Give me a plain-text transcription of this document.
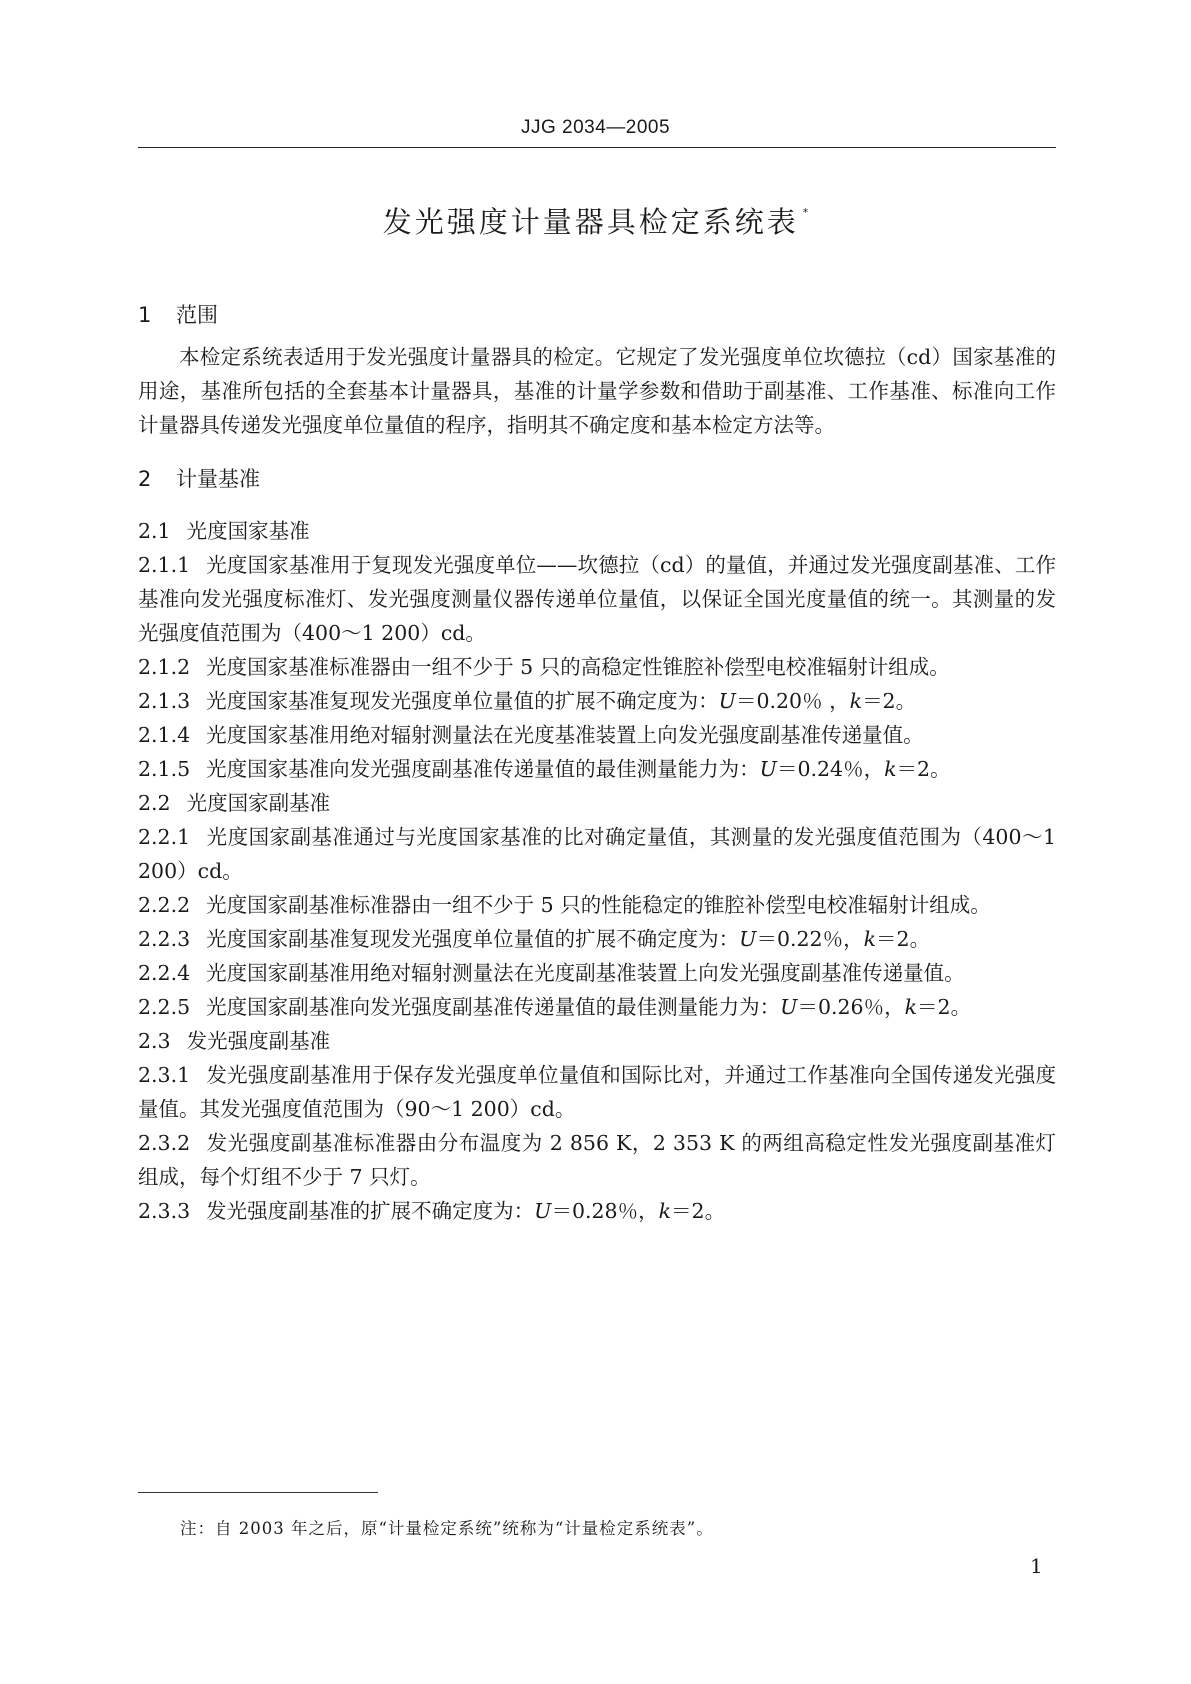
JJG 2034—2005
发光强度计量器具检定系统表 *
1 范围

本检定系统表适用于发光强度计量器具的检定。它规定了发光强度单位坎德拉（cd）国家基准的用途，基准所包括的全套基本计量器具，基准的计量学参数和借助于副基准、工作基准、标准向工作计量器具传递发光强度单位量值的程序，指明其不确定度和基本检定方法等。

2 计量基准

2.1 光度国家基准

2.1.1 光度国家基准用于复现发光强度单位——坎德拉（cd）的量值，并通过发光强度副基准、工作基准向发光强度标准灯、发光强度测量仪器传递单位量值，以保证全国光度量值的统一。其测量的发光强度值范围为（400～1 200）cd。

2.1.2 光度国家基准标准器由一组不少于 5 只的高稳定性锥腔补偿型电校准辐射计组成。

2.1.3 光度国家基准复现发光强度单位量值的扩展不确定度为：U＝0.20％ ，k＝2。

2.1.4 光度国家基准用绝对辐射测量法在光度基准装置上向发光强度副基准传递量值。

2.1.5 光度国家基准向发光强度副基准传递量值的最佳测量能力为：U＝0.24％，k＝2。

2.2 光度国家副基准

2.2.1 光度国家副基准通过与光度国家基准的比对确定量值，其测量的发光强度值范围为（400～1 200）cd。

2.2.2 光度国家副基准标准器由一组不少于 5 只的性能稳定的锥腔补偿型电校准辐射计组成。

2.2.3 光度国家副基准复现发光强度单位量值的扩展不确定度为：U＝0.22％，k＝2。

2.2.4 光度国家副基准用绝对辐射测量法在光度副基准装置上向发光强度副基准传递量值。

2.2.5 光度国家副基准向发光强度副基准传递量值的最佳测量能力为：U＝0.26％，k＝2。

2.3 发光强度副基准

2.3.1 发光强度副基准用于保存发光强度单位量值和国际比对，并通过工作基准向全国传递发光强度量值。其发光强度值范围为（90～1 200）cd。

2.3.2 发光强度副基准标准器由分布温度为 2 856 K，2 353 K 的两组高稳定性发光强度副基准灯组成，每个灯组不少于 7 只灯。

2.3.3 发光强度副基准的扩展不确定度为：U＝0.28％，k＝2。

注：自 2003 年之后，原“计量检定系统”统称为“计量检定系统表”。
1
